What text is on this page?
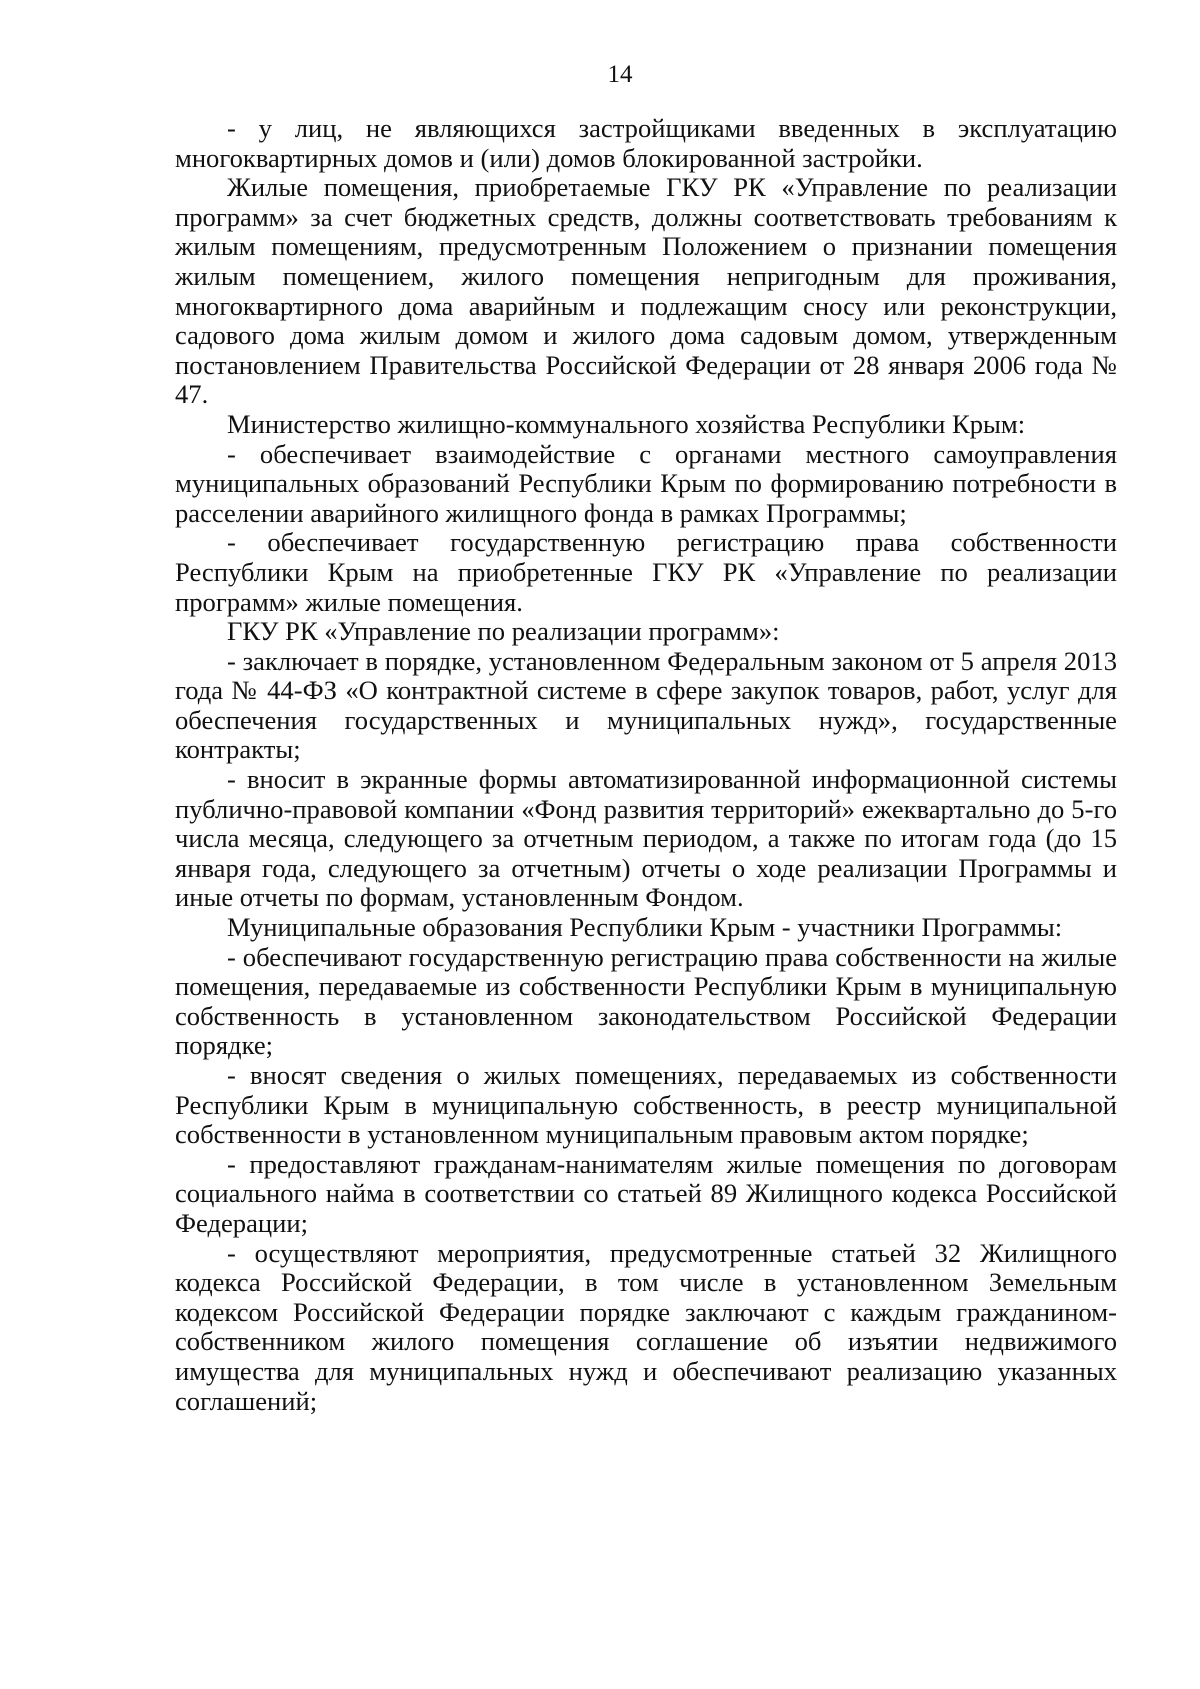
14

- у лиц, не являющихся застройщиками введенных в эксплуатацию многоквартирных домов и (или) домов блокированной застройки.

Жилые помещения, приобретаемые ГКУ РК «Управление по реализации программ» за счет бюджетных средств, должны соответствовать требованиям к жилым помещениям, предусмотренным Положением о признании помещения жилым помещением, жилого помещения непригодным для проживания, многоквартирного дома аварийным и подлежащим сносу или реконструкции, садового дома жилым домом и жилого дома садовым домом, утвержденным постановлением Правительства Российской Федерации от 28 января 2006 года № 47.

Министерство жилищно-коммунального хозяйства Республики Крым:

- обеспечивает взаимодействие с органами местного самоуправления муниципальных образований Республики Крым по формированию потребности в расселении аварийного жилищного фонда в рамках Программы;

- обеспечивает государственную регистрацию права собственности Республики Крым на приобретенные ГКУ РК «Управление по реализации программ» жилые помещения.

ГКУ РК «Управление по реализации программ»:

- заключает в порядке, установленном Федеральным законом от 5 апреля 2013 года № 44-ФЗ «О контрактной системе в сфере закупок товаров, работ, услуг для обеспечения государственных и муниципальных нужд», государственные контракты;

- вносит в экранные формы автоматизированной информационной системы публично-правовой компании «Фонд развития территорий» ежеквартально до 5-го числа месяца, следующего за отчетным периодом, а также по итогам года (до 15 января года, следующего за отчетным) отчеты о ходе реализации Программы и иные отчеты по формам, установленным Фондом.

Муниципальные образования Республики Крым - участники Программы:

- обеспечивают государственную регистрацию права собственности на жилые помещения, передаваемые из собственности Республики Крым в муниципальную собственность в установленном законодательством Российской Федерации порядке;

- вносят сведения о жилых помещениях, передаваемых из собственности Республики Крым в муниципальную собственность, в реестр муниципальной собственности в установленном муниципальным правовым актом порядке;

- предоставляют гражданам-нанимателям жилые помещения по договорам социального найма в соответствии со статьей 89 Жилищного кодекса Российской Федерации;

- осуществляют мероприятия, предусмотренные статьей 32 Жилищного кодекса Российской Федерации, в том числе в установленном Земельным кодексом Российской Федерации порядке заключают с каждым гражданином-собственником жилого помещения соглашение об изъятии недвижимого имущества для муниципальных нужд и обеспечивают реализацию указанных соглашений;
